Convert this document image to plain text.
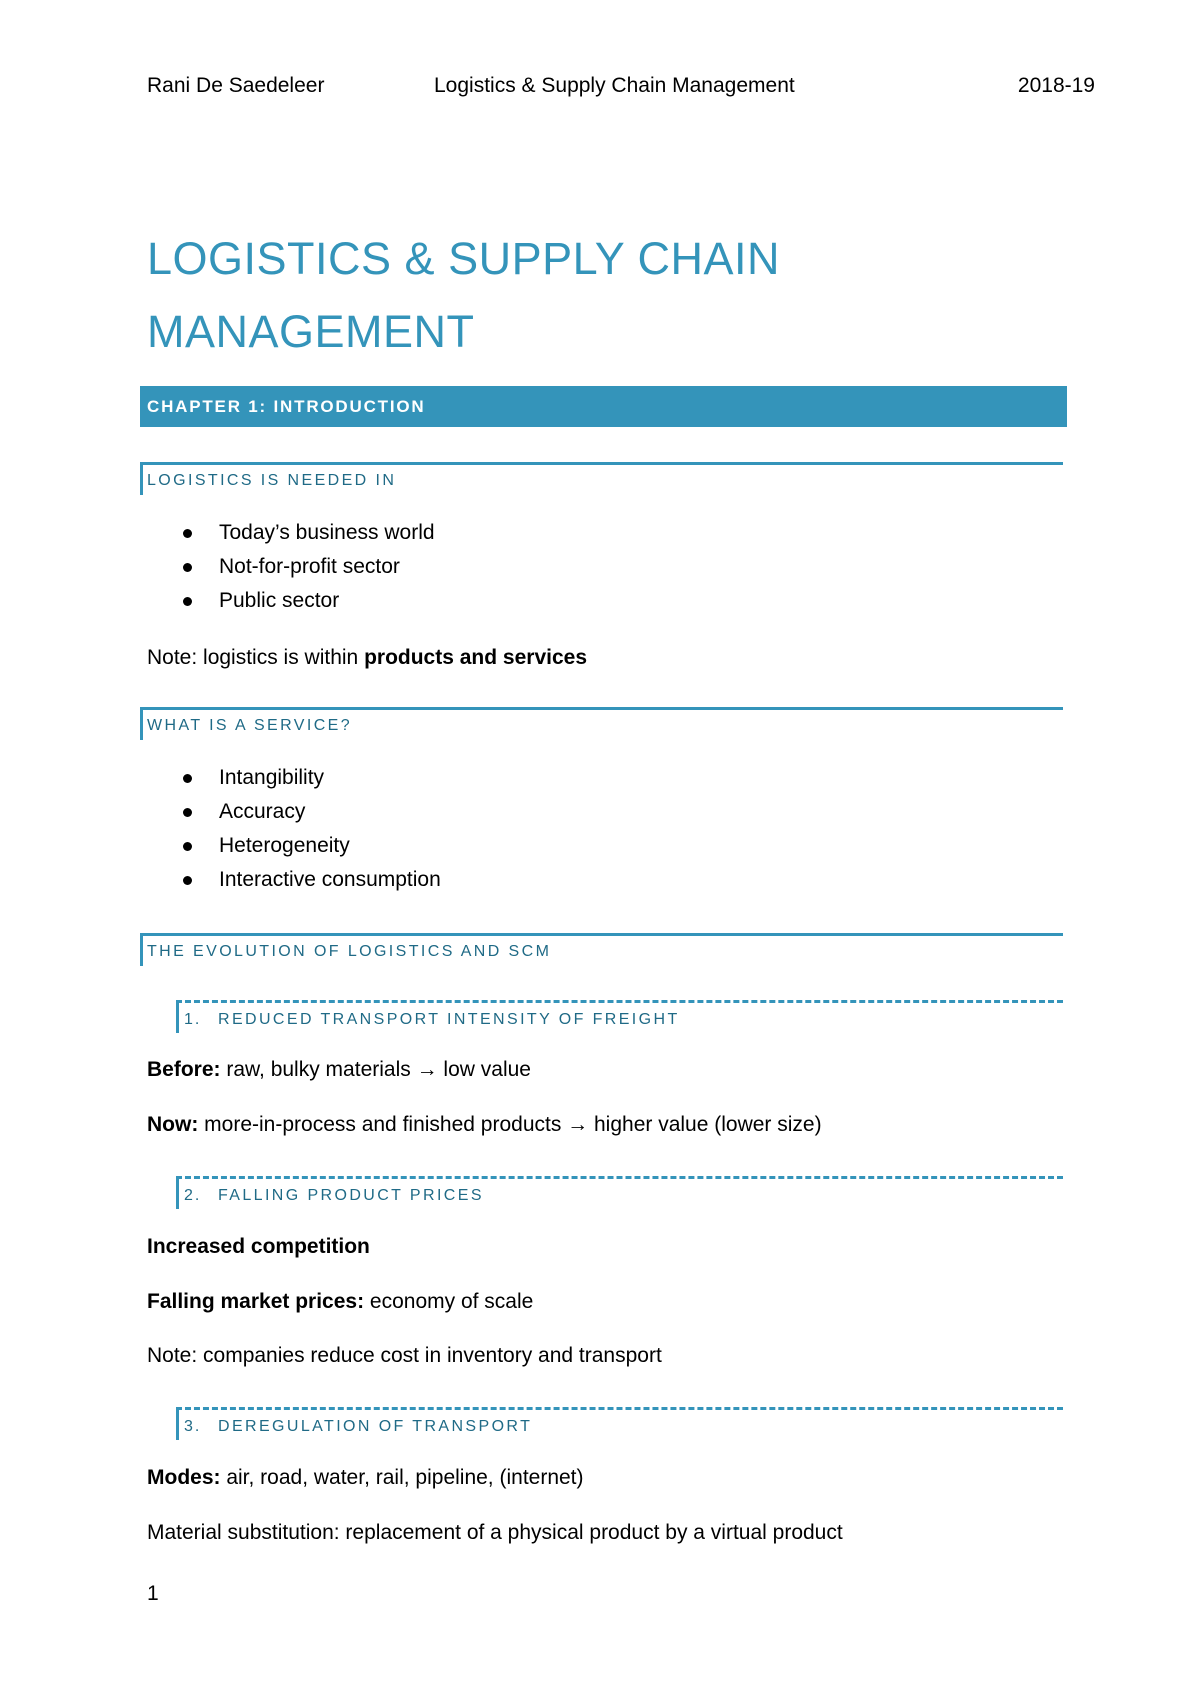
Rani De Saedeleer	Logistics & Supply Chain Management	2018-19
LOGISTICS & SUPPLY CHAIN
MANAGEMENT
CHAPTER 1: INTRODUCTION
LOGISTICS IS NEEDED IN
Today’s business world
Not-for-profit sector
Public sector
Note: logistics is within products and services
WHAT IS A SERVICE?
Intangibility
Accuracy
Heterogeneity
Interactive consumption
THE EVOLUTION OF LOGISTICS AND SCM
1. REDUCED TRANSPORT INTENSITY OF FREIGHT
Before: raw, bulky materials → low value
Now: more-in-process and finished products → higher value (lower size)
2. FALLING PRODUCT PRICES
Increased competition
Falling market prices: economy of scale
Note: companies reduce cost in inventory and transport
3. DEREGULATION OF TRANSPORT
Modes: air, road, water, rail, pipeline, (internet)
Material substitution: replacement of a physical product by a virtual product
1
